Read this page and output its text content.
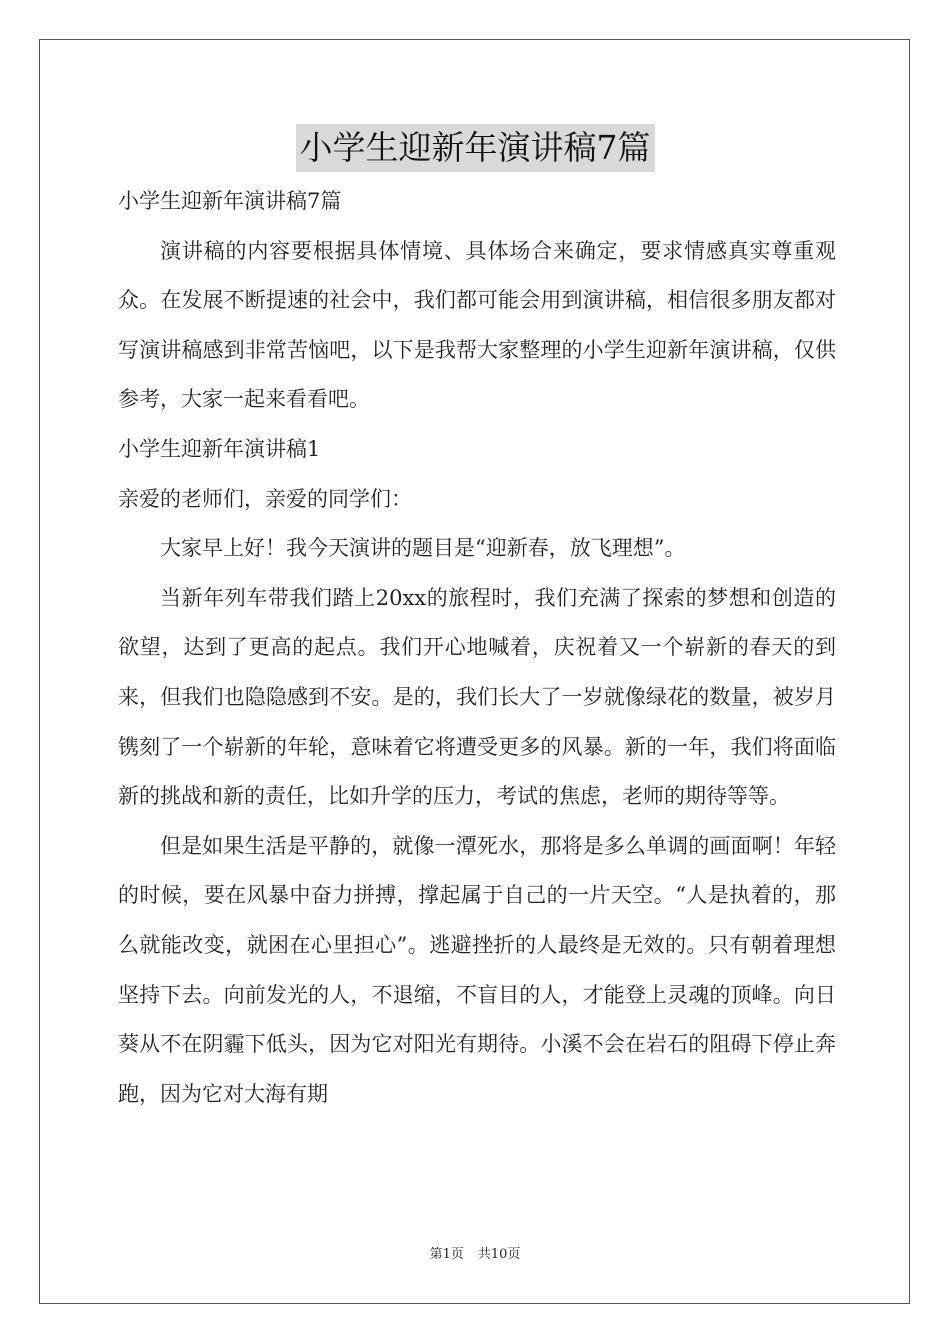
小学生迎新年演讲稿7篇

小学生迎新年演讲稿7篇

演讲稿的内容要根据具体情境、具体场合来确定，要求情感真实尊重观众。在发展不断提速的社会中，我们都可能会用到演讲稿，相信很多朋友都对写演讲稿感到非常苦恼吧，以下是我帮大家整理的小学生迎新年演讲稿，仅供参考，大家一起来看看吧。

小学生迎新年演讲稿1

亲爱的老师们，亲爱的同学们：

大家早上好！我今天演讲的题目是“迎新春，放飞理想”。

当新年列车带我们踏上20xx的旅程时，我们充满了探索的梦想和创造的欲望，达到了更高的起点。我们开心地喊着，庆祝着又一个崭新的春天的到来，但我们也隐隐感到不安。是的，我们长大了一岁就像绿花的数量，被岁月镌刻了一个崭新的年轮，意味着它将遭受更多的风暴。新的一年，我们将面临新的挑战和新的责任，比如升学的压力，考试的焦虑，老师的期待等等。

但是如果生活是平静的，就像一潭死水，那将是多么单调的画面啊！年轻的时候，要在风暴中奋力拼搏，撑起属于自己的一片天空。“人是执着的，那么就能改变，就困在心里担心”。逃避挫折的人最终是无效的。只有朝着理想坚持下去。向前发光的人，不退缩，不盲目的人，才能登上灵魂的顶峰。向日葵从不在阴霾下低头，因为它对阳光有期待。小溪不会在岩石的阻碍下停止奔跑，因为它对大海有期

第1页 共10页
